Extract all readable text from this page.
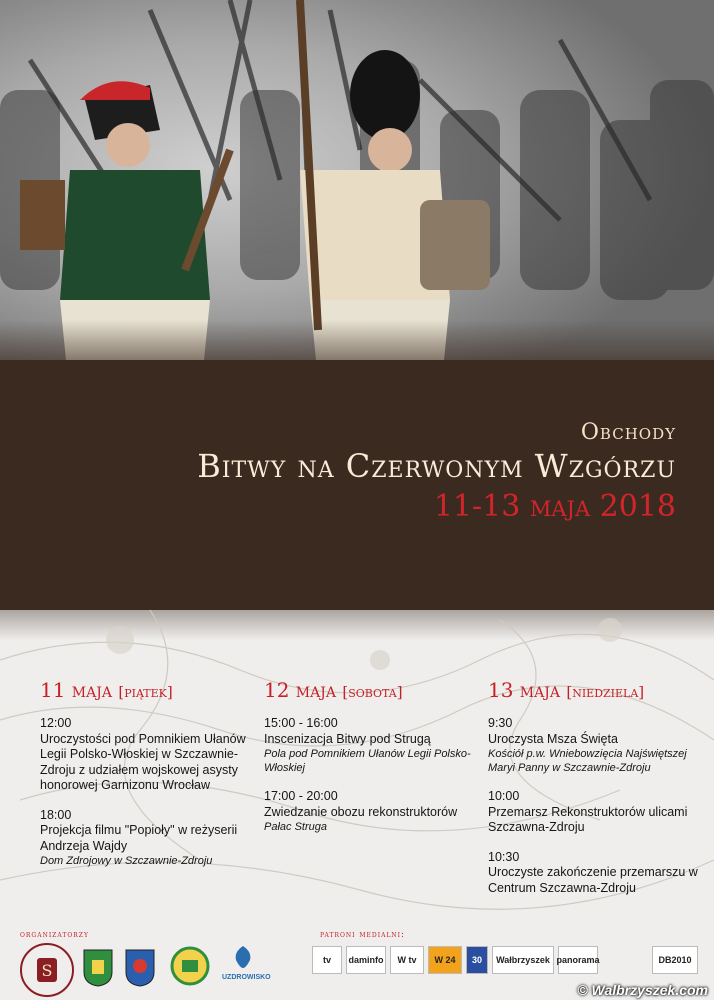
Obchody
Bitwy na Czerwonym Wzgórzu
11-13 maja 2018
11 maja [piątek]
12:00
Uroczystości pod Pomnikiem Ułanów Legii Polsko-Włoskiej w Szczawnie-Zdroju z udziałem wojskowej asysty honorowej Garnizonu Wrocław
18:00
Projekcja filmu "Popioły" w reżyserii Andrzeja Wajdy
Dom Zdrojowy w Szczawnie-Zdroju
12 maja [sobota]
15:00 - 16:00
Inscenizacja Bitwy pod Strugą
Pola pod Pomnikiem Ułanów Legii Polsko-Włoskiej
17:00 - 20:00
Zwiedzanie obozu rekonstruktorów
Pałac Struga
13 maja [niedziela]
9:30
Uroczysta Msza Święta
Kościół p.w. Wniebowzięcia Najświętszej Maryi Panny w Szczawnie-Zdroju
10:00
Przemarsz Rekonstruktorów ulicami Szczawna-Zdroju
10:30
Uroczyste zakończenie przemarszu w Centrum Szczawna-Zdroju
organizatorzy
S	UZDROWISKO
patroni medialni:
tv	daminfo	W tv	W 24	30	Wałbrzyszek panorama	DB2010
© Walbrzyszek.com
